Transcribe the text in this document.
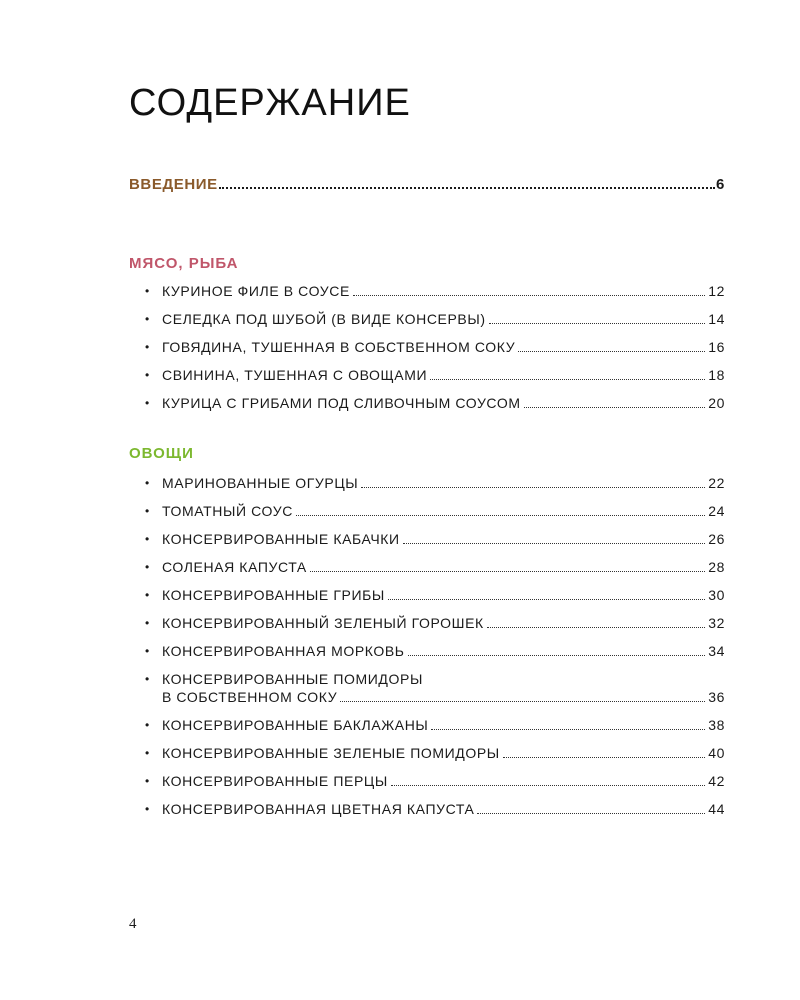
СОДЕРЖАНИЕ
ВВЕДЕНИЕ	6
МЯСО, РЫБА
• КУРИНОЕ ФИЛЕ В СОУСЕ	12
• СЕЛЕДКА ПОД ШУБОЙ (В ВИДЕ КОНСЕРВЫ)	14
• ГОВЯДИНА, ТУШЕННАЯ В СОБСТВЕННОМ СОКУ	16
• СВИНИНА, ТУШЕННАЯ С ОВОЩАМИ	18
• КУРИЦА С ГРИБАМИ ПОД СЛИВОЧНЫМ СОУСОМ	20
ОВОЩИ
• МАРИНОВАННЫЕ ОГУРЦЫ	22
• ТОМАТНЫЙ СОУС	24
• КОНСЕРВИРОВАННЫЕ КАБАЧКИ	26
• СОЛЕНАЯ КАПУСТА	28
• КОНСЕРВИРОВАННЫЕ ГРИБЫ	30
• КОНСЕРВИРОВАННЫЙ ЗЕЛЕНЫЙ ГОРОШЕК	32
• КОНСЕРВИРОВАННАЯ МОРКОВЬ	34
• КОНСЕРВИРОВАННЫЕ ПОМИДОРЫ
В СОБСТВЕННОМ СОКУ	36
• КОНСЕРВИРОВАННЫЕ БАКЛАЖАНЫ	38
• КОНСЕРВИРОВАННЫЕ ЗЕЛЕНЫЕ ПОМИДОРЫ	40
• КОНСЕРВИРОВАННЫЕ ПЕРЦЫ	42
• КОНСЕРВИРОВАННАЯ ЦВЕТНАЯ КАПУСТА	44
4
